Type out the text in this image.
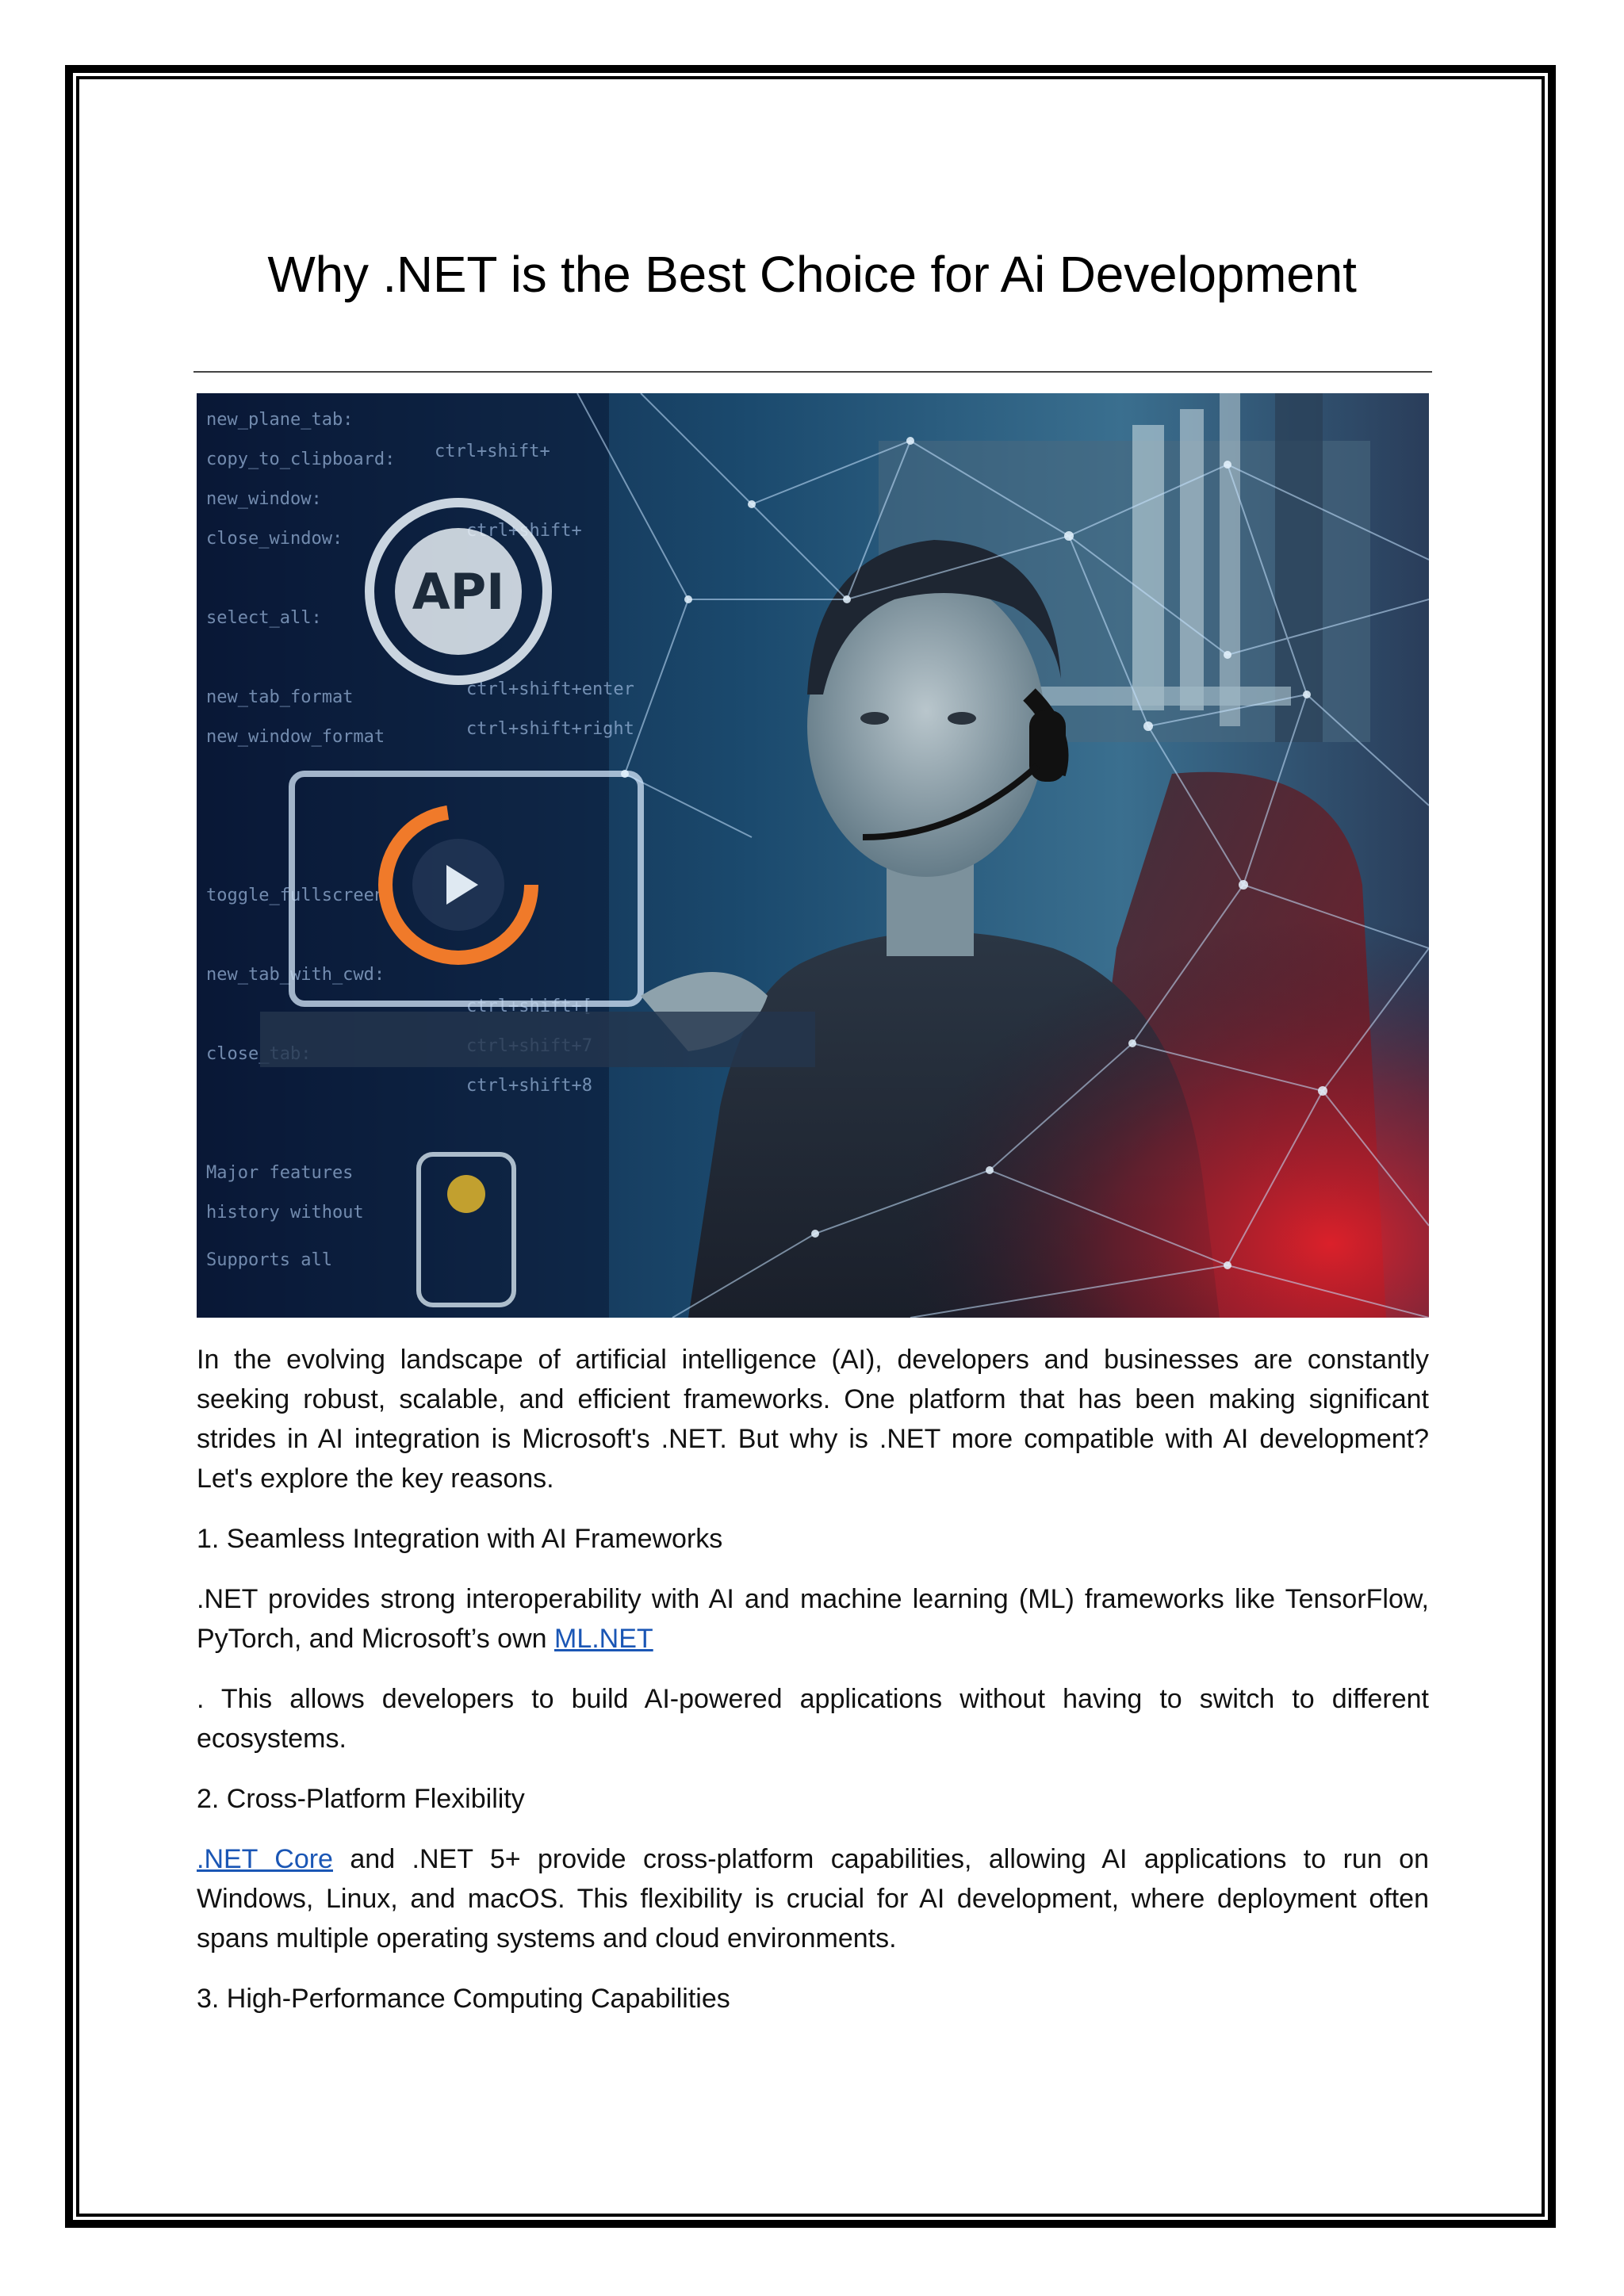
Why .NET is the Best Choice for Ai Development

In the evolving landscape of artificial intelligence (AI), developers and businesses are constantly seeking robust, scalable, and efficient frameworks. One platform that has been making significant strides in AI integration is Microsoft's .NET. But why is .NET more compatible with AI development? Let's explore the key reasons.

1. Seamless Integration with AI Frameworks

.NET provides strong interoperability with AI and machine learning (ML) frameworks like TensorFlow, PyTorch, and Microsoft’s own ML.NET

. This allows developers to build AI-powered applications without having to switch to different ecosystems.

2. Cross-Platform Flexibility

.NET Core and .NET 5+ provide cross-platform capabilities, allowing AI applications to run on Windows, Linux, and macOS. This flexibility is crucial for AI development, where deployment often spans multiple operating systems and cloud environments.

3. High-Performance Computing Capabilities
